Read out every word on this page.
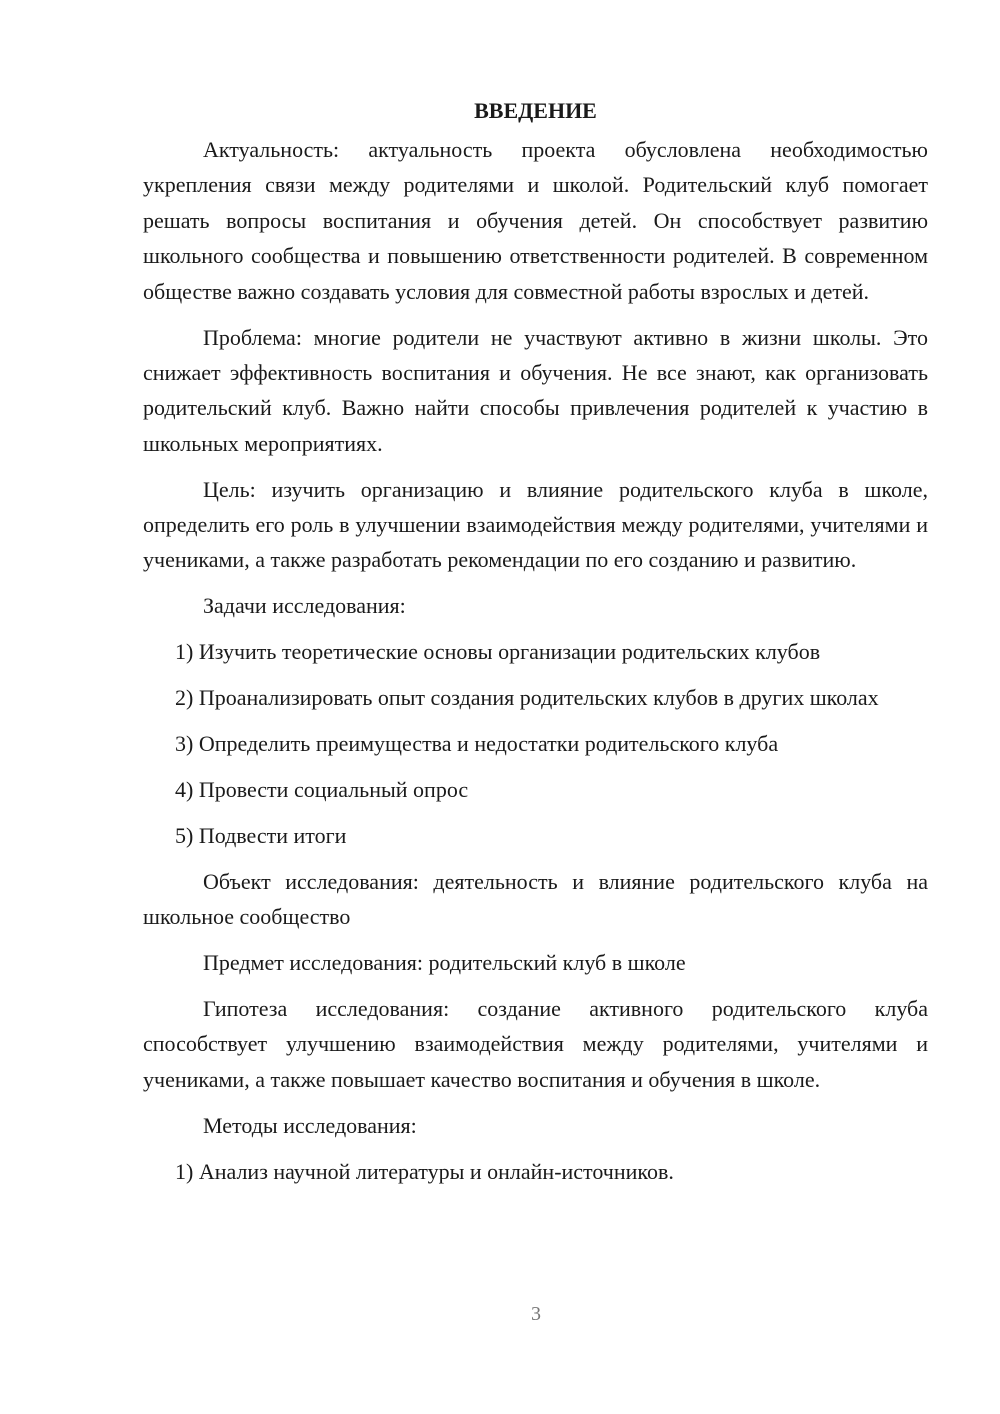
ВВЕДЕНИЕ

Актуальность: актуальность проекта обусловлена необходимостью укрепления связи между родителями и школой. Родительский клуб помогает решать вопросы воспитания и обучения детей. Он способствует развитию школьного сообщества и повышению ответственности родителей. В современном обществе важно создавать условия для совместной работы взрослых и детей.

Проблема: многие родители не участвуют активно в жизни школы. Это снижает эффективность воспитания и обучения. Не все знают, как организовать родительский клуб. Важно найти способы привлечения родителей к участию в школьных мероприятиях.

Цель: изучить организацию и влияние родительского клуба в школе, определить его роль в улучшении взаимодействия между родителями, учителями и учениками, а также разработать рекомендации по его созданию и развитию.

Задачи исследования:

1) Изучить теоретические основы организации родительских клубов

2) Проанализировать опыт создания родительских клубов в других школах

3) Определить преимущества и недостатки родительского клуба

4) Провести социальный опрос

5) Подвести итоги

Объект исследования: деятельность и влияние родительского клуба на школьное сообщество

Предмет исследования: родительский клуб в школе

Гипотеза исследования: создание активного родительского клуба способствует улучшению взаимодействия между родителями, учителями и учениками, а также повышает качество воспитания и обучения в школе.

Методы исследования:

1) Анализ научной литературы и онлайн-источников.

3
